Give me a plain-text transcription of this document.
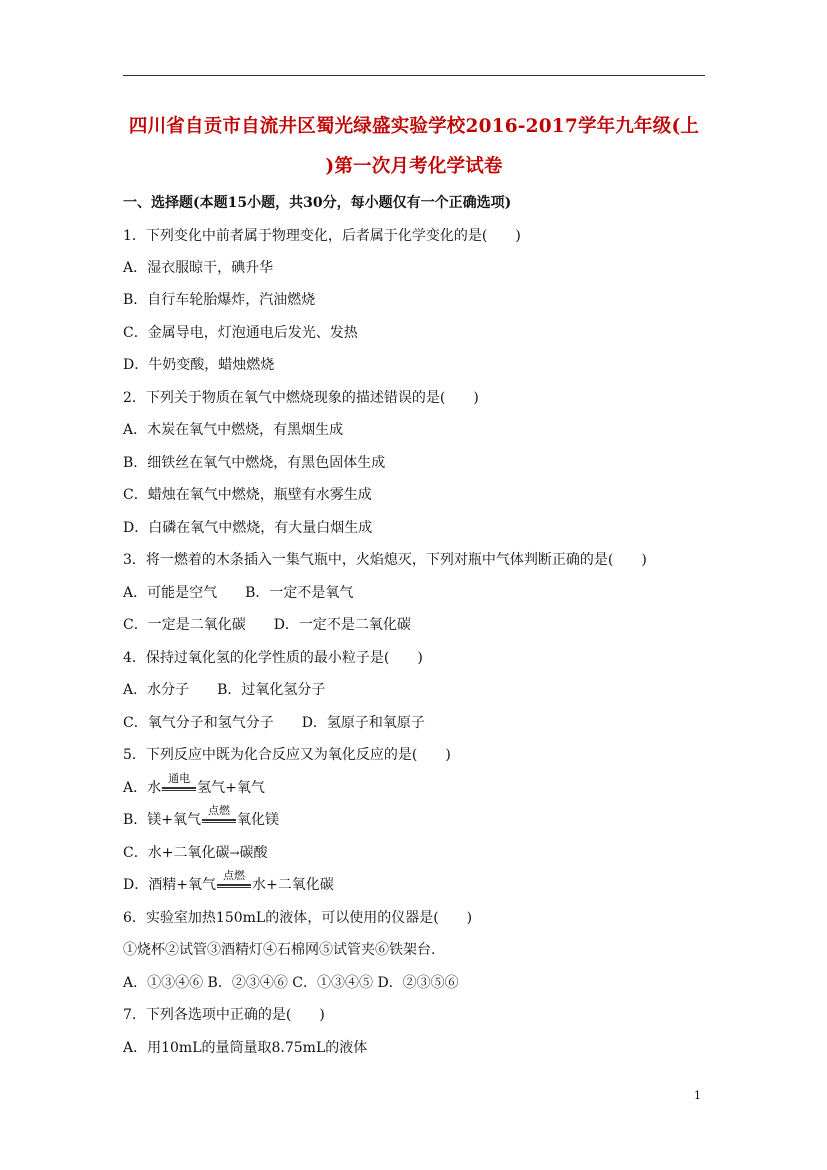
四川省自贡市自流井区蜀光绿盛实验学校2016-2017学年九年级(上
)第一次月考化学试卷
一、选择题(本题15小题，共30分，每小题仅有一个正确选项)
1．下列变化中前者属于物理变化，后者属于化学变化的是(　　)
A．湿衣服晾干，碘升华
B．自行车轮胎爆炸，汽油燃烧
C．金属导电，灯泡通电后发光、发热
D．牛奶变酸，蜡烛燃烧
2．下列关于物质在氧气中燃烧现象的描述错误的是(　　)
A．木炭在氧气中燃烧，有黑烟生成
B．细铁丝在氧气中燃烧，有黑色固体生成
C．蜡烛在氧气中燃烧，瓶壁有水雾生成
D．白磷在氧气中燃烧，有大量白烟生成
3．将一燃着的木条插入一集气瓶中，火焰熄灭，下列对瓶中气体判断正确的是(　　)
A．可能是空气　　B．一定不是氧气
C．一定是二氧化碳　　D．一定不是二氧化碳
4．保持过氧化氢的化学性质的最小粒子是(　　)
A．水分子　　B．过氧化氢分子
C．氧气分子和氢气分子　　D．氢原子和氧原子
5．下列反应中既为化合反应又为氧化反应的是(　　)
A．水
通电
氢气+氧气
B．镁+氧气
点燃
氧化镁
C．水+二氧化碳→碳酸
D．酒精+氧气
点燃
水+二氧化碳
6．实验室加热150mL的液体，可以使用的仪器是(　　)
①烧杯②试管③酒精灯④石棉网⑤试管夹⑥铁架台.
A．①③④⑥ B．②③④⑥ C．①③④⑤ D．②③⑤⑥
7．下列各选项中正确的是(　　)
A．用10mL的量筒量取8.75mL的液体
1
